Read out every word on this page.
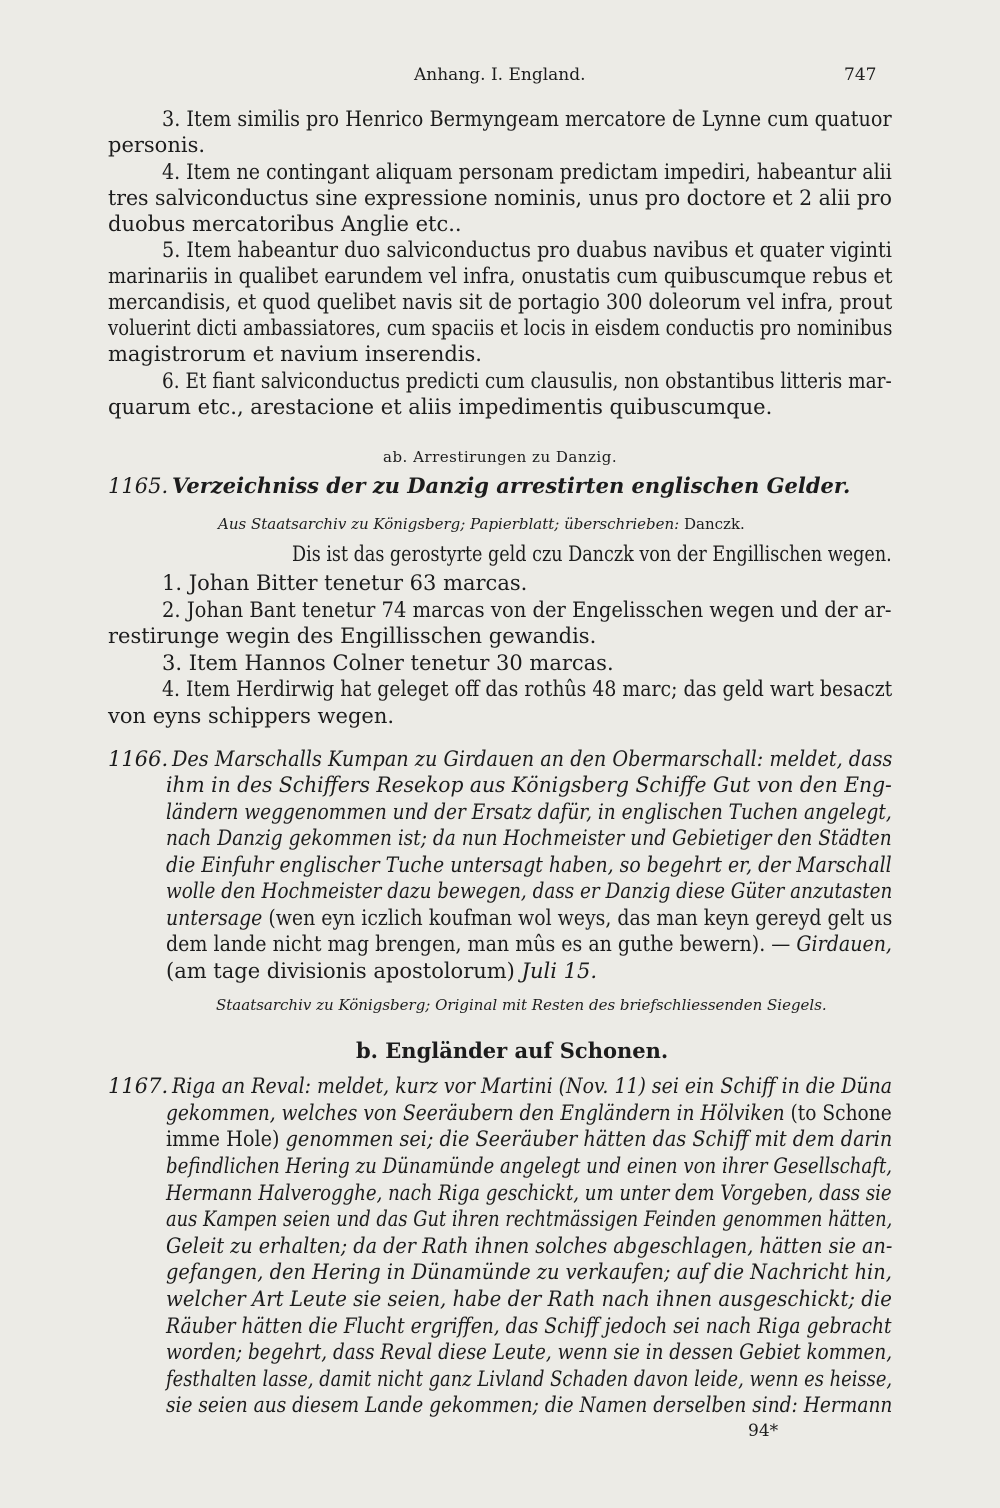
Anhang. I. England.	747
3. Item similis pro Henrico Bermyngeam mercatore de Lynne cum quatuor
personis.
4. Item ne contingant aliquam personam predictam impediri, habeantur alii
tres salviconductus sine expressione nominis, unus pro doctore et 2 alii pro
duobus mercatoribus Anglie etc..
5. Item habeantur duo salviconductus pro duabus navibus et quater viginti
marinariis in qualibet earundem vel infra, onustatis cum quibuscumque rebus et
mercandisis, et quod quelibet navis sit de portagio 300 doleorum vel infra, prout
voluerint dicti ambassiatores, cum spaciis et locis in eisdem conductis pro nominibus
magistrorum et navium inserendis.
6. Et fiant salviconductus predicti cum clausulis, non obstantibus litteris mar-
quarum etc., arestacione et aliis impedimentis quibuscumque.
ab. Arrestirungen zu Danzig.
1165. Verzeichniss der zu Danzig arrestirten englischen Gelder.
Aus Staatsarchiv zu Königsberg; Papierblatt; überschrieben: Danczk.
Dis ist das gerostyrte geld czu Danczk von der Engillischen wegen.
1. Johan Bitter tenetur 63 marcas.
2. Johan Bant tenetur 74 marcas von der Engelisschen wegen und der ar-
restirunge wegin des Engillisschen gewandis.
3. Item Hannos Colner tenetur 30 marcas.
4. Item Herdirwig hat geleget off das rothûs 48 marc; das geld wart besaczt
von eyns schippers wegen.
1166. Des Marschalls Kumpan zu Girdauen an den Obermarschall: meldet, dass
ihm in des Schiffers Resekop aus Königsberg Schiffe Gut von den Eng-
ländern weggenommen und der Ersatz dafür, in englischen Tuchen angelegt,
nach Danzig gekommen ist; da nun Hochmeister und Gebietiger den Städten
die Einfuhr englischer Tuche untersagt haben, so begehrt er, der Marschall
wolle den Hochmeister dazu bewegen, dass er Danzig diese Güter anzutasten
untersage (wen eyn iczlich koufman wol weys, das man keyn gereyd gelt us
dem lande nicht mag brengen, man mûs es an guthe bewern). — Girdauen,
(am tage divisionis apostolorum) Juli 15.
Staatsarchiv zu Königsberg; Original mit Resten des briefschliessenden Siegels.
b. Engländer auf Schonen.
1167. Riga an Reval: meldet, kurz vor Martini (Nov. 11) sei ein Schiff in die Düna
gekommen, welches von Seeräubern den Engländern in Hölviken (to Schone
imme Hole) genommen sei; die Seeräuber hätten das Schiff mit dem darin
befindlichen Hering zu Dünamünde angelegt und einen von ihrer Gesellschaft,
Hermann Halverogghe, nach Riga geschickt, um unter dem Vorgeben, dass sie
aus Kampen seien und das Gut ihren rechtmässigen Feinden genommen hätten,
Geleit zu erhalten; da der Rath ihnen solches abgeschlagen, hätten sie an-
gefangen, den Hering in Dünamünde zu verkaufen; auf die Nachricht hin,
welcher Art Leute sie seien, habe der Rath nach ihnen ausgeschickt; die
Räuber hätten die Flucht ergriffen, das Schiff jedoch sei nach Riga gebracht
worden; begehrt, dass Reval diese Leute, wenn sie in dessen Gebiet kommen,
festhalten lasse, damit nicht ganz Livland Schaden davon leide, wenn es heisse,
sie seien aus diesem Lande gekommen; die Namen derselben sind: Hermann
94*
